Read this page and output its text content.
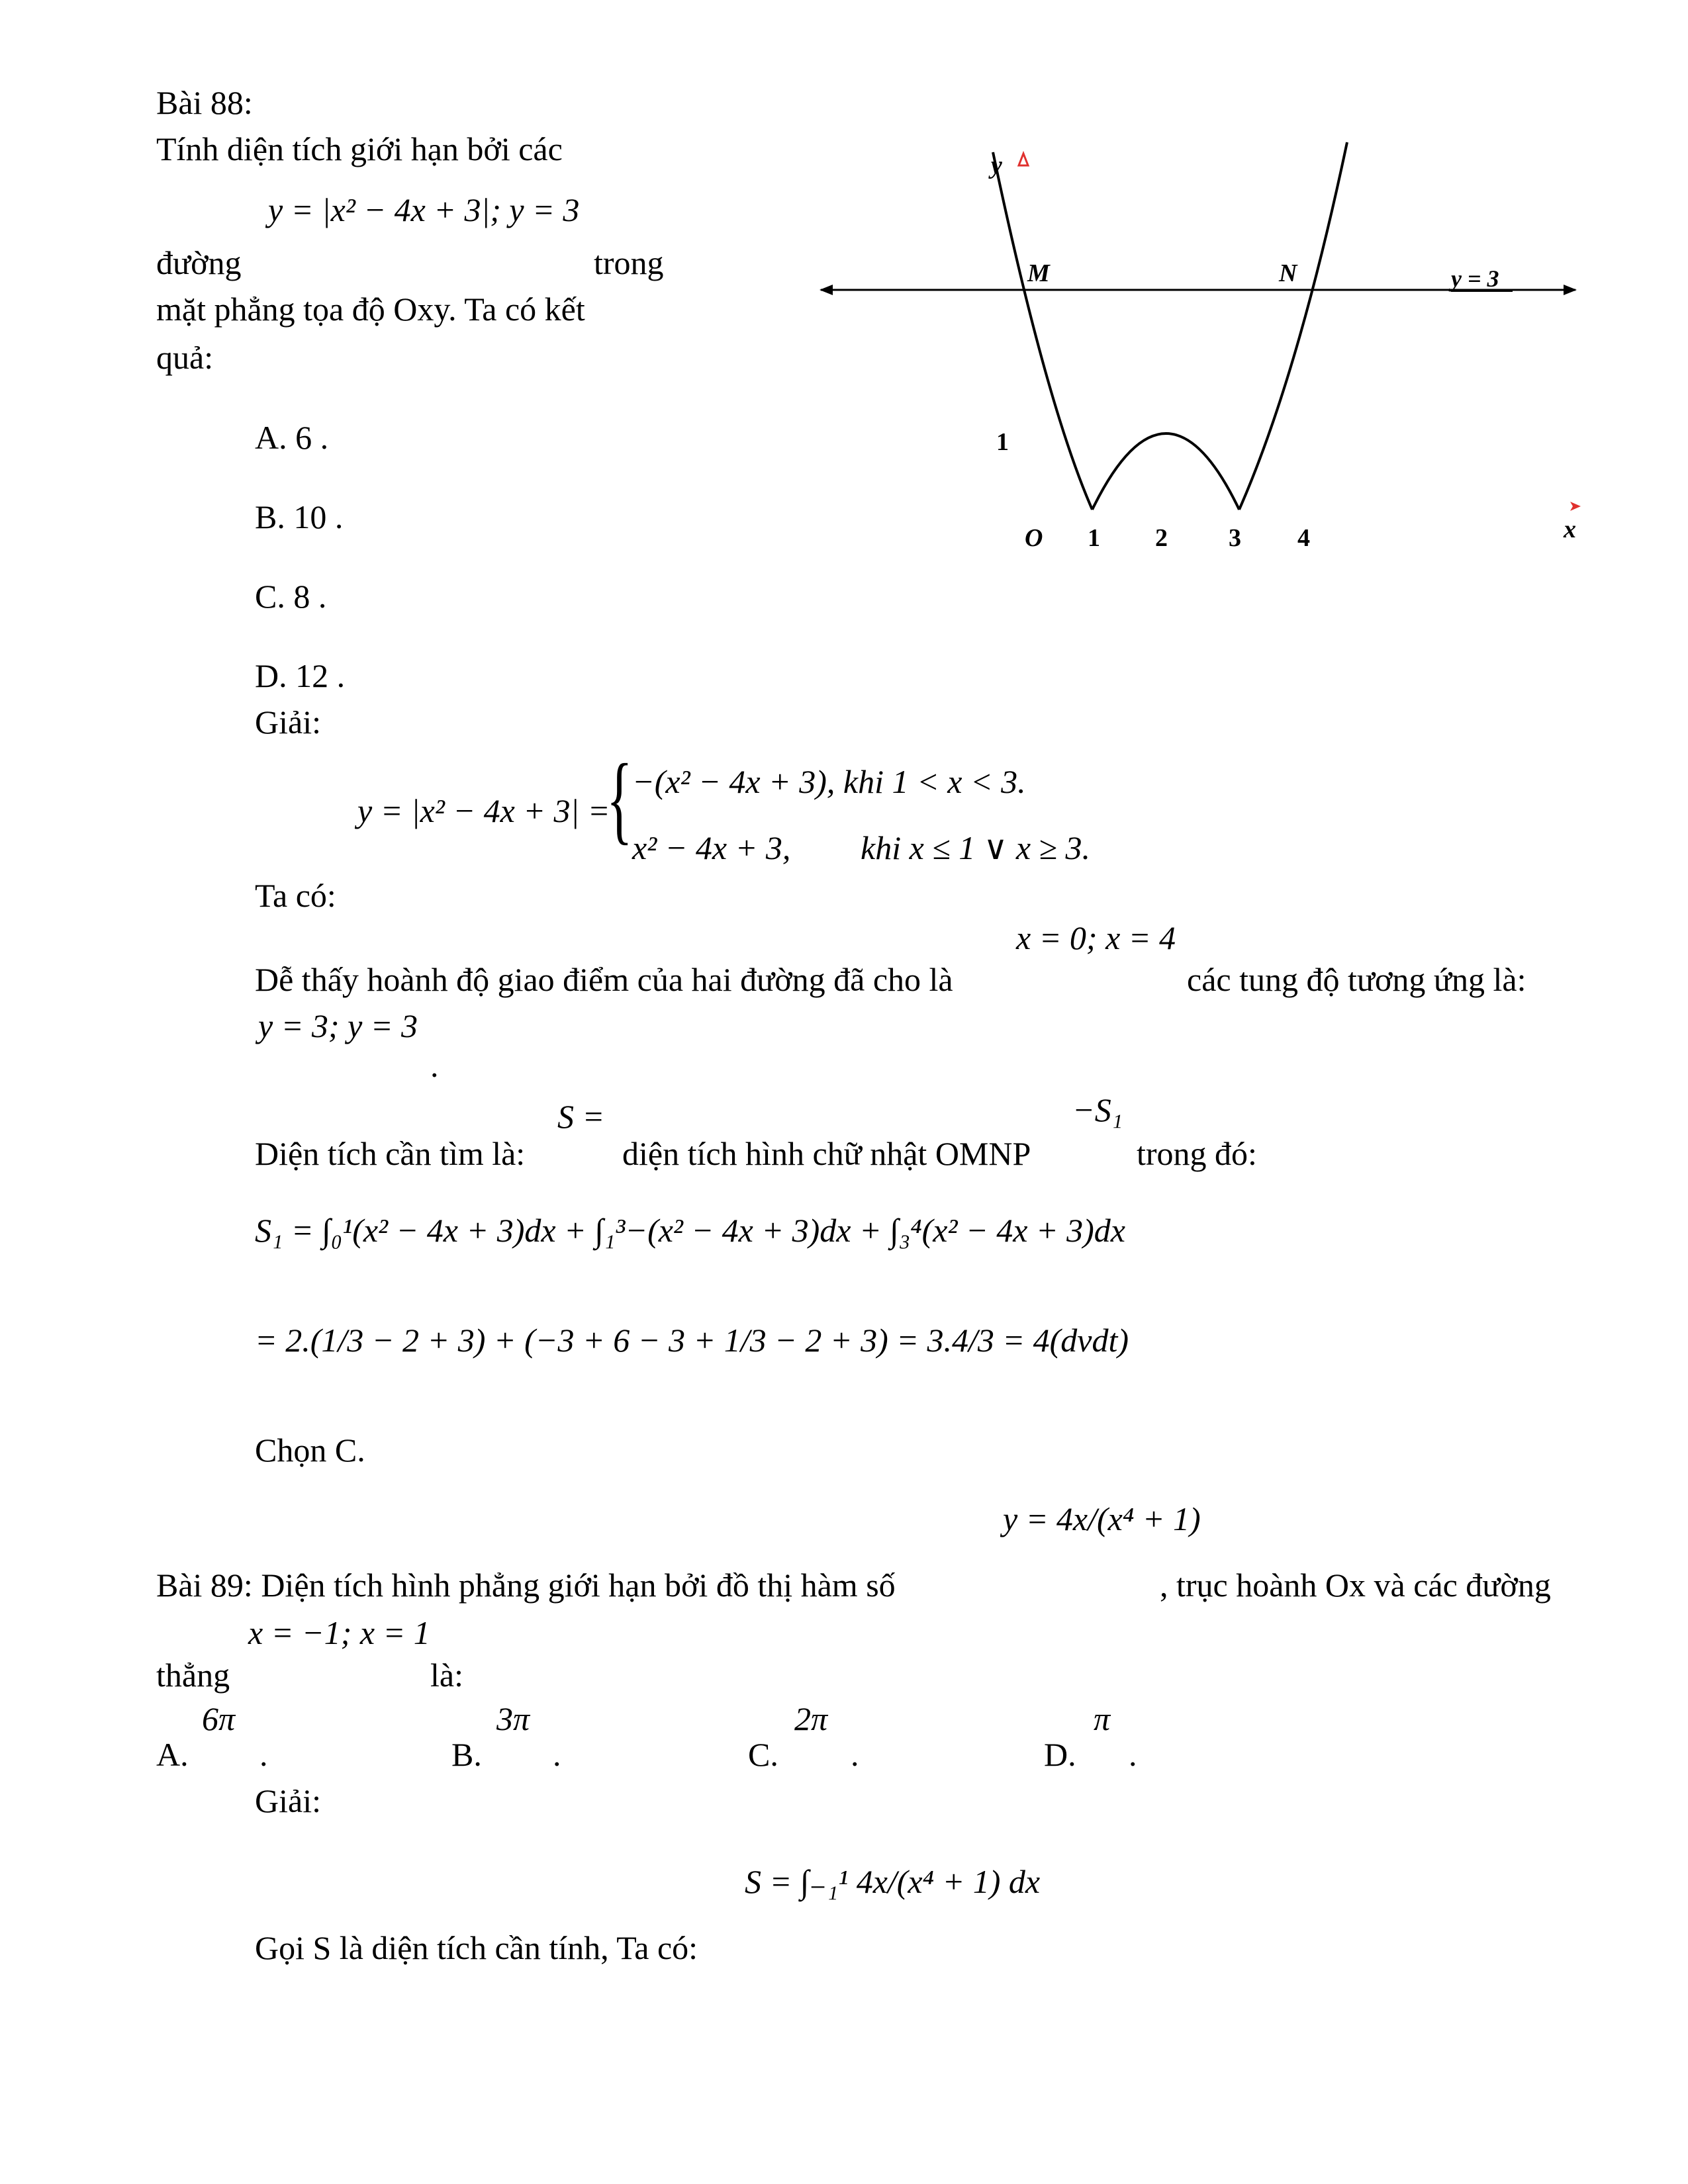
Bài 88:
Tính diện tích giới hạn bởi các
y = |x² − 4x + 3|; y = 3
đường	trong
mặt phẳng tọa độ Oxy. Ta có kết
quả:
A. 6 .
B. 10 .
C. 8 .
D. 12 .
Giải:
y = |x² − 4x + 3| =
{ −(x² − 4x + 3), khi 1 < x < 3.
x² − 4x + 3, khi x ≤ 1 ∨ x ≥ 3.
Ta có:
x = 0; x = 4
Dễ thấy hoành độ giao điểm của hai đường đã cho là	các tung độ tương ứng là:
y = 3; y = 3
.
S =	−S₁
Diện tích cần tìm là:	diện tích hình chữ nhật OMNP	trong đó:
S₁ = ∫₀¹(x² − 4x + 3)dx + ∫₁³−(x² − 4x + 3)dx + ∫₃⁴(x² − 4x + 3)dx
= 2.(1/3 − 2 + 3) + (−3 + 6 − 3 + 1/3 − 2 + 3) = 3.4/3 = 4(dvdt)
Chọn C.
y = 4x/(x⁴ + 1)
Bài 89: Diện tích hình phẳng giới hạn bởi đồ thị hàm số	, trục hoành Ox và các đường
x = −1; x = 1
thẳng	là:
6π
A. .
3π
B. .
2π
C. .
π
D. .
Giải:
S = ∫₋₁¹ 4x/(x⁴ + 1) dx
Gọi S là diện tích cần tính, Ta có:
y
x
M	N	y = 3
1
O 1 2 3 4
